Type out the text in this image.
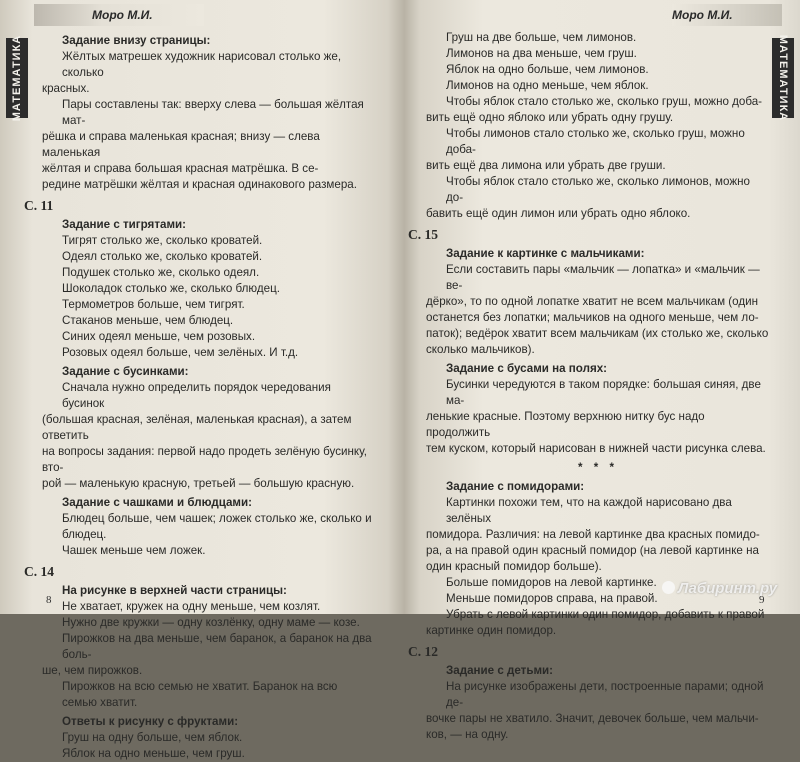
МАТЕМАТИКА
Моро М.И.
Задание внизу страницы:
Жёлтых матрешек художник нарисовал столько же, сколько
красных.
Пары составлены так: вверху слева — большая жёлтая мат-
рёшка и справа маленькая красная; внизу — слева маленькая
жёлтая и справа большая красная матрёшка. В се-
редине матрёшки жёлтая и красная одинакового размера.
С. 11
Задание с тигрятами:
Тигрят столько же, сколько кроватей.
Одеял столько же, сколько кроватей.
Подушек столько же, сколько одеял.
Шоколадок столько же, сколько блюдец.
Термометров больше, чем тигрят.
Стаканов меньше, чем блюдец.
Синих одеял меньше, чем розовых.
Розовых одеял больше, чем зелёных. И т.д.
Задание с бусинками:
Сначала нужно определить порядок чередования бусинок
(большая красная, зелёная, маленькая красная), а затем ответить
на вопросы задания: первой надо продеть зелёную бусинку, вто-
рой — маленькую красную, третьей — большую красную.
Задание с чашками и блюдцами:
Блюдец больше, чем чашек; ложек столько же, сколько и блюдец.
Чашек меньше чем ложек.
С. 14
На рисунке в верхней части страницы:
Не хватает, кружек на одну меньше, чем козлят.
Нужно две кружки — одну козлёнку, одну маме — козе.
Пирожков на два меньше, чем баранок, а баранок на два боль-
ше, чем пирожков.
Пирожков на всю семью не хватит. Баранок на всю семью хватит.
Ответы к рисунку с фруктами:
Груш на одну больше, чем яблок.
Яблок на одно меньше, чем груш.
8
Моро М.И.
МАТЕМАТИКА
Груш на две больше, чем лимонов.
Лимонов на два меньше, чем груш.
Яблок на одно больше, чем лимонов.
Лимонов на одно меньше, чем яблок.
Чтобы яблок стало столько же, сколько груш, можно доба-
вить ещё одно яблоко или убрать одну грушу.
Чтобы лимонов стало столько же, сколько груш, можно доба-
вить ещё два лимона или убрать две груши.
Чтобы яблок стало столько же, сколько лимонов, можно до-
бавить ещё один лимон или убрать одно яблоко.
С. 15
Задание к картинке с мальчиками:
Если составить пары «мальчик — лопатка» и «мальчик — ве-
дёрко», то по одной лопатке хватит не всем мальчикам (один
останется без лопатки; мальчиков на одного меньше, чем ло-
паток); ведёрок хватит всем мальчикам (их столько же, сколько
сколько мальчиков).
Задание с бусами на полях:
Бусинки чередуются в таком порядке: большая синяя, две ма-
ленькие красные. Поэтому верхнюю нитку бус надо продолжить
тем куском, который нарисован в нижней части рисунка слева.
* * *
Задание с помидорами:
Картинки похожи тем, что на каждой нарисовано два зелёных
помидора. Различия: на левой картинке два красных помидо-
ра, а на правой один красный помидор (на левой картинке на
один красный помидор больше).
Больше помидоров на левой картинке.
Меньше помидоров справа, на правой.
Убрать с левой картинки один помидор, добавить к правой
картинке один помидор.
С. 12
Задание с детьми:
На рисунке изображены дети, построенные парами; одной де-
вочке пары не хватило. Значит, девочек больше, чем мальчи-
ков, — на одну.
9
Лабиринт.ру
